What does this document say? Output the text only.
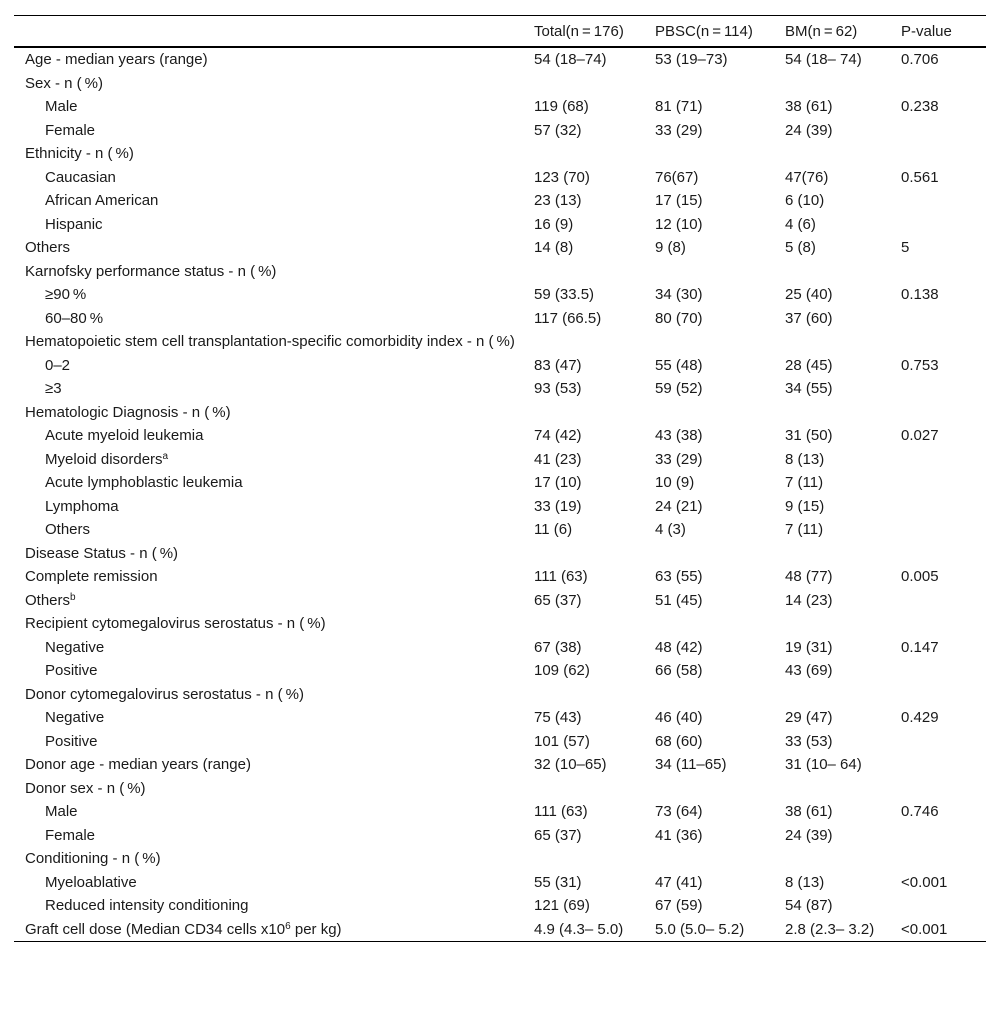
	Total(n = 176)	PBSC(n = 114)	BM(n = 62)	P-value
Age - median years (range)	54 (18–74)	53 (19–73)	54 (18– 74)	0.706
Sex - n ( %)				
Male	119 (68)	81 (71)	38 (61)	0.238
Female	57 (32)	33 (29)	24 (39)	
Ethnicity - n ( %)				
Caucasian	123 (70)	76(67)	47(76)	0.561
African American	23 (13)	17 (15)	6 (10)	
Hispanic	16 (9)	12 (10)	4 (6)	
Others	14 (8)	9 (8)	5 (8)	5
Karnofsky performance status - n ( %)				
≥90 %	59 (33.5)	34 (30)	25 (40)	0.138
60–80 %	117 (66.5)	80 (70)	37 (60)	
Hematopoietic stem cell transplantation-specific comorbidity index - n ( %)				
0–2	83 (47)	55 (48)	28 (45)	0.753
≥3	93 (53)	59 (52)	34 (55)	
Hematologic Diagnosis - n ( %)				
Acute myeloid leukemia	74 (42)	43 (38)	31 (50)	0.027
Myeloid disorders$^a$	41 (23)	33 (29)	8 (13)	
Acute lymphoblastic leukemia	17 (10)	10 (9)	7 (11)	
Lymphoma	33 (19)	24 (21)	9 (15)	
Others	11 (6)	4 (3)	7 (11)	
Disease Status - n ( %)				
Complete remission	111 (63)	63 (55)	48 (77)	0.005
Others$^b$	65 (37)	51 (45)	14 (23)	
Recipient cytomegalovirus serostatus - n ( %)				
Negative	67 (38)	48 (42)	19 (31)	0.147
Positive	109 (62)	66 (58)	43 (69)	
Donor cytomegalovirus serostatus - n ( %)				
Negative	75 (43)	46 (40)	29 (47)	0.429
Positive	101 (57)	68 (60)	33 (53)	
Donor age - median years (range)	32 (10–65)	34 (11–65)	31 (10– 64)	
Donor sex - n ( %)				
Male	111 (63)	73 (64)	38 (61)	0.746
Female	65 (37)	41 (36)	24 (39)	
Conditioning - n ( %)				
Myeloablative	55 (31)	47 (41)	8 (13)	<0.001
Reduced intensity conditioning	121 (69)	67 (59)	54 (87)	
Graft cell dose (Median CD34 cells $x10^6$ per kg)	4.9 (4.3– 5.0)	5.0 (5.0– 5.2)	2.8 (2.3– 3.2)	<0.001
